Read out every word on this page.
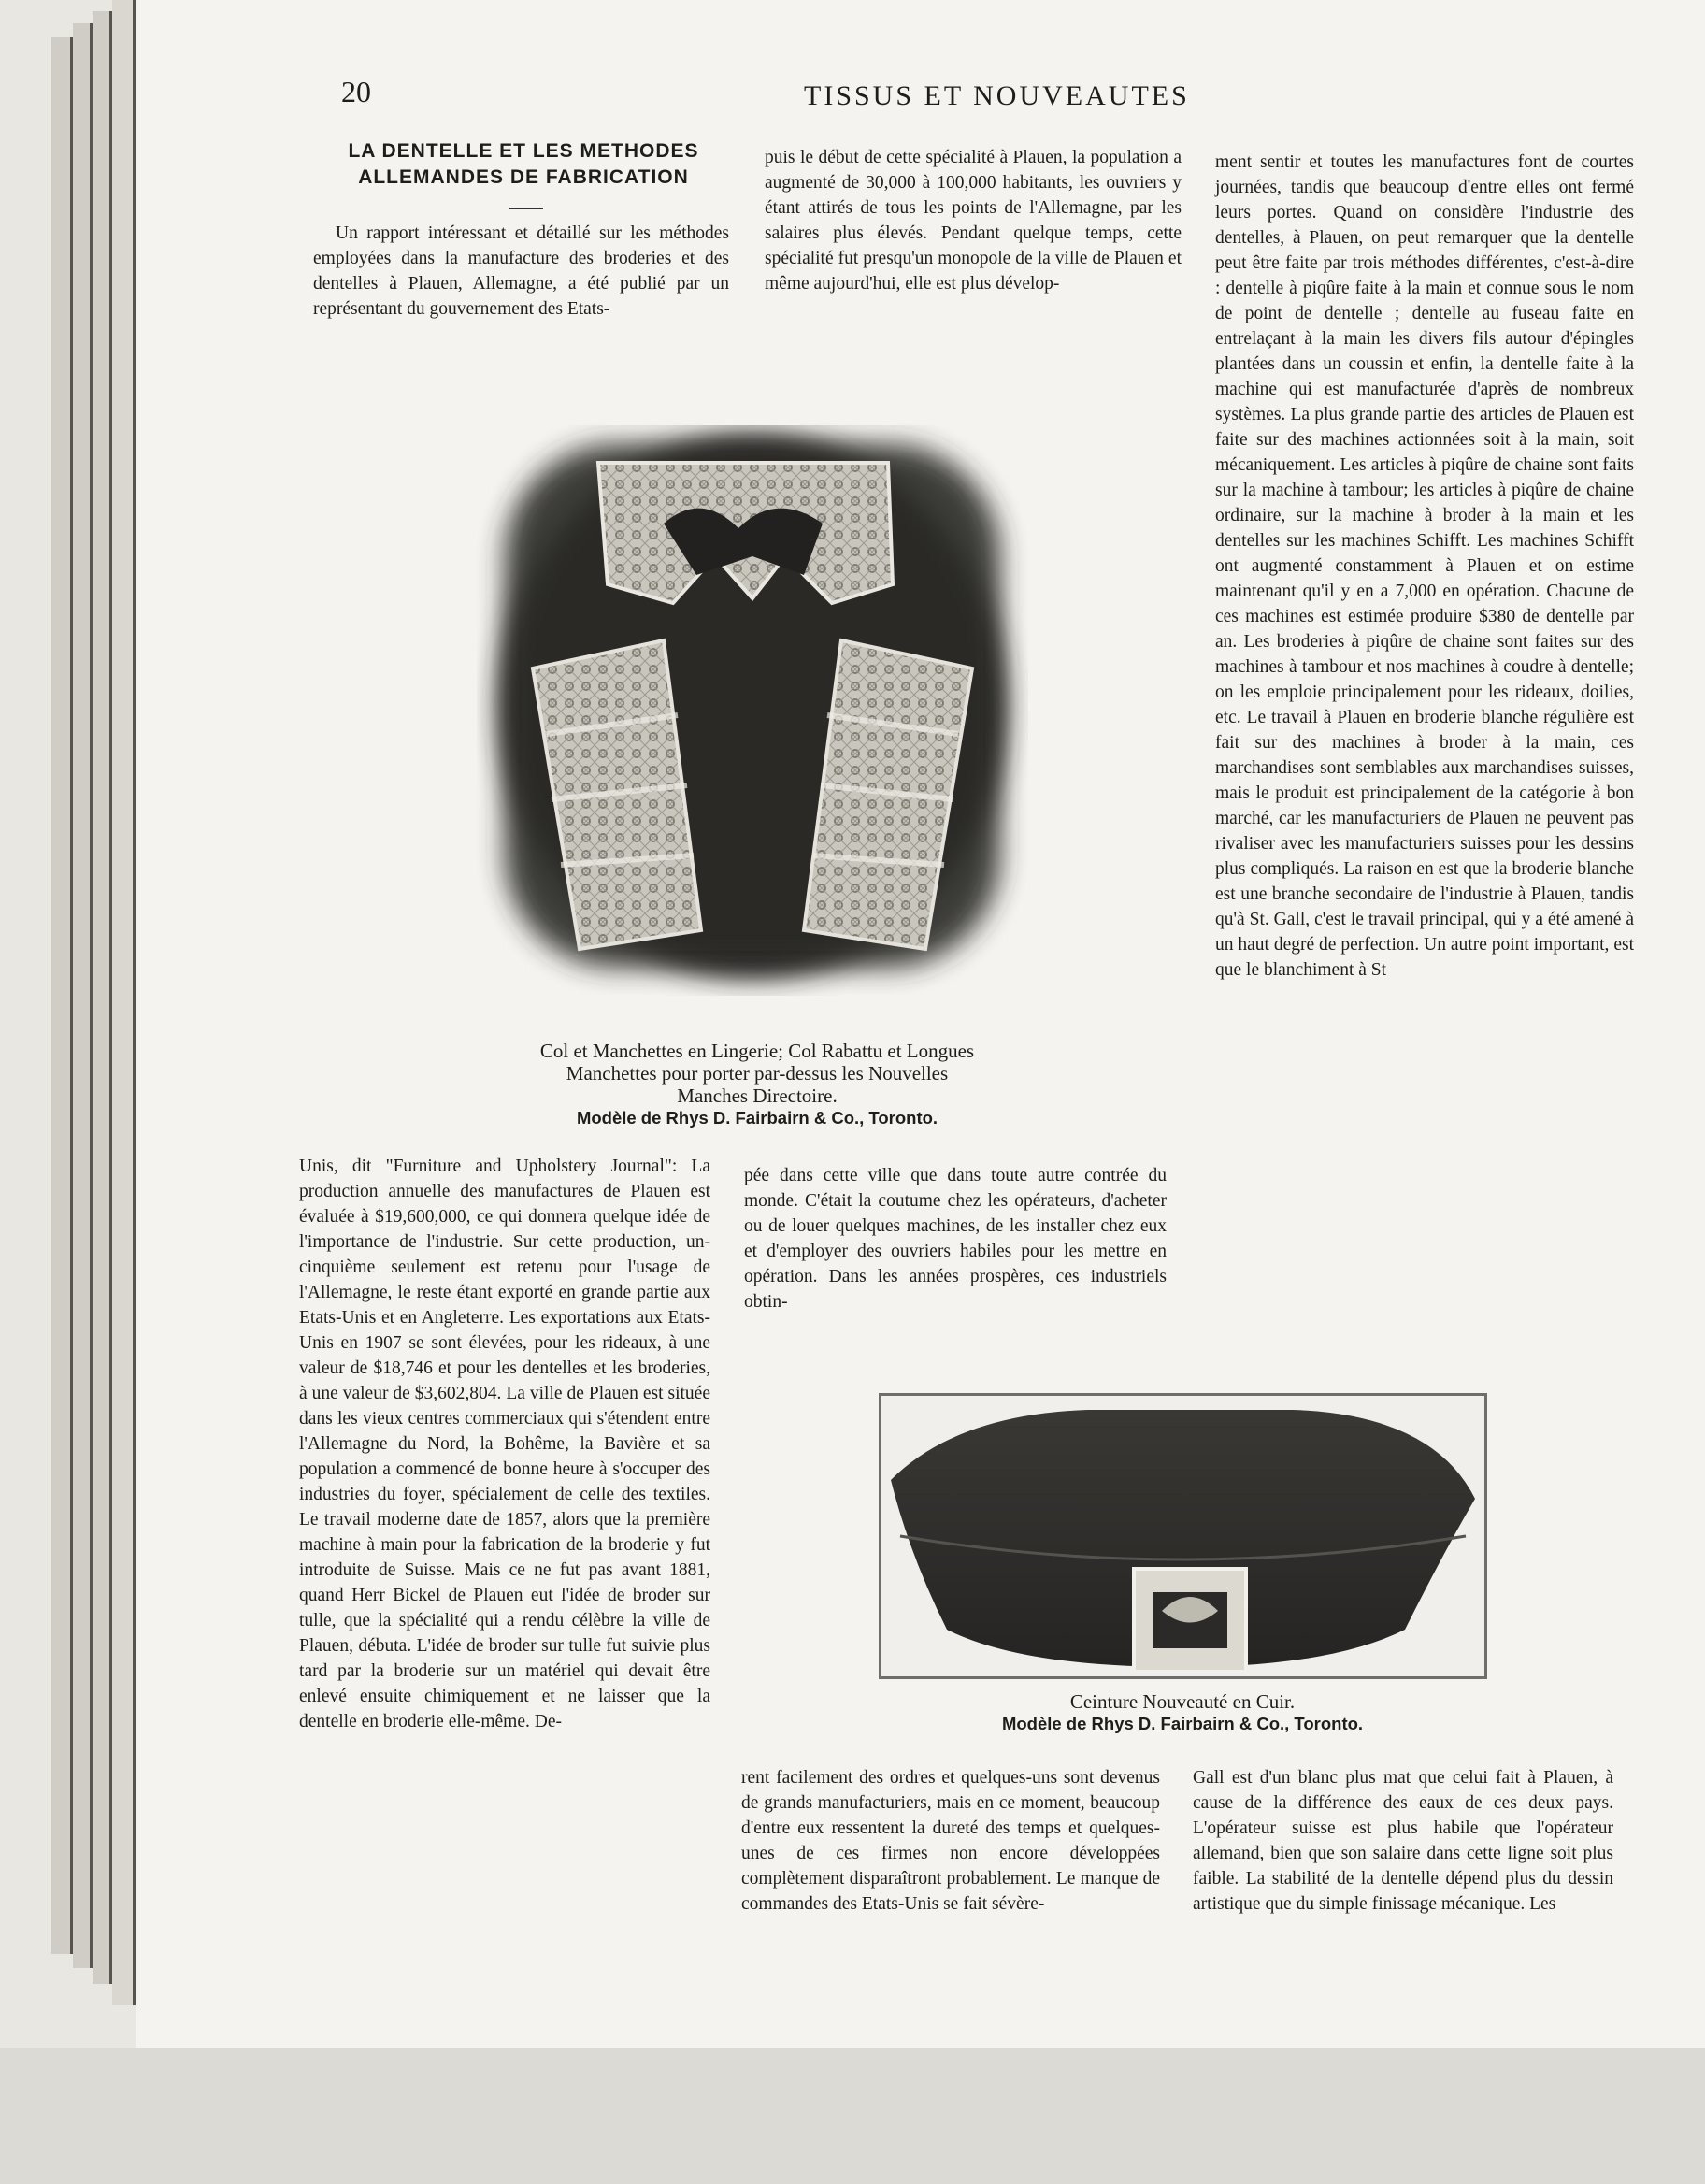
20	TISSUS ET NOUVEAUTES
LA DENTELLE ET LES METHODES
ALLEMANDES DE FABRICATION

Un rapport intéressant et détaillé sur les méthodes employées dans la manufacture des broderies et des dentelles à Plauen, Allemagne, a été publié par un représentant du gouvernement des Etats-

puis le début de cette spécialité à Plauen, la population a augmenté de 30,000 à 100,000 habitants, les ouvriers y étant attirés de tous les points de l'Allemagne, par les salaires plus élevés. Pendant quelque temps, cette spécialité fut presqu'un monopole de la ville de Plauen et même aujourd'hui, elle est plus dévelop-

ment sentir et toutes les manufactures font de courtes journées, tandis que beaucoup d'entre elles ont fermé leurs portes. Quand on considère l'industrie des dentelles, à Plauen, on peut remarquer que la dentelle peut être faite par trois méthodes différentes, c'est-à-dire : dentelle à piqûre faite à la main et connue sous le nom de point de dentelle ; dentelle au fuseau faite en entrelaçant à la main les divers fils autour d'épingles plantées dans un coussin et enfin, la dentelle faite à la machine qui est manufacturée d'après de nombreux systèmes. La plus grande partie des articles de Plauen est faite sur des machines actionnées soit à la main, soit mécaniquement. Les articles à piqûre de chaine sont faits sur la machine à tambour; les articles à piqûre de chaine ordinaire, sur la machine à broder à la main et les dentelles sur les machines Schifft. Les machines Schifft ont augmenté constamment à Plauen et on estime maintenant qu'il y en a 7,000 en opération. Chacune de ces machines est estimée produire $380 de dentelle par an. Les broderies à piqûre de chaine sont faites sur des machines à tambour et nos machines à coudre à dentelle; on les emploie principalement pour les rideaux, doilies, etc. Le travail à Plauen en broderie blanche régulière est fait sur des machines à broder à la main, ces marchandises sont semblables aux marchandises suisses, mais le produit est principalement de la catégorie à bon marché, car les manufacturiers de Plauen ne peuvent pas rivaliser avec les manufacturiers suisses pour les dessins plus compliqués. La raison en est que la broderie blanche est une branche secondaire de l'industrie à Plauen, tandis qu'à St. Gall, c'est le travail principal, qui y a été amené à un haut degré de perfection. Un autre point important, est que le blanchiment à St

Col et Manchettes en Lingerie; Col Rabattu et Longues
Manchettes pour porter par-dessus les Nouvelles
Manches Directoire.
Modèle de Rhys D. Fairbairn & Co., Toronto.

Unis, dit "Furniture and Upholstery Journal": La production annuelle des manufactures de Plauen est évaluée à $19,600,000, ce qui donnera quelque idée de l'importance de l'industrie. Sur cette production, un-cinquième seulement est retenu pour l'usage de l'Allemagne, le reste étant exporté en grande partie aux Etats-Unis et en Angleterre. Les exportations aux Etats-Unis en 1907 se sont élevées, pour les rideaux, à une valeur de $18,746 et pour les dentelles et les broderies, à une valeur de $3,602,804. La ville de Plauen est située dans les vieux centres commerciaux qui s'étendent entre l'Allemagne du Nord, la Bohême, la Bavière et sa population a commencé de bonne heure à s'occuper des industries du foyer, spécialement de celle des textiles. Le travail moderne date de 1857, alors que la première machine à main pour la fabrication de la broderie y fut introduite de Suisse. Mais ce ne fut pas avant 1881, quand Herr Bickel de Plauen eut l'idée de broder sur tulle, que la spécialité qui a rendu célèbre la ville de Plauen, débuta. L'idée de broder sur tulle fut suivie plus tard par la broderie sur un matériel qui devait être enlevé ensuite chimiquement et ne laisser que la dentelle en broderie elle-même. De-

pée dans cette ville que dans toute autre contrée du monde. C'était la coutume chez les opérateurs, d'acheter ou de louer quelques machines, de les installer chez eux et d'employer des ouvriers habiles pour les mettre en opération. Dans les années prospères, ces industriels obtin-

Ceinture Nouveauté en Cuir.
Modèle de Rhys D. Fairbairn & Co., Toronto.

rent facilement des ordres et quelques-uns sont devenus de grands manufacturiers, mais en ce moment, beaucoup d'entre eux ressentent la dureté des temps et quelques-unes de ces firmes non encore développées complètement disparaîtront probablement. Le manque de commandes des Etats-Unis se fait sévère-

Gall est d'un blanc plus mat que celui fait à Plauen, à cause de la différence des eaux de ces deux pays. L'opérateur suisse est plus habile que l'opérateur allemand, bien que son salaire dans cette ligne soit plus faible. La stabilité de la dentelle dépend plus du dessin artistique que du simple finissage mécanique. Les
